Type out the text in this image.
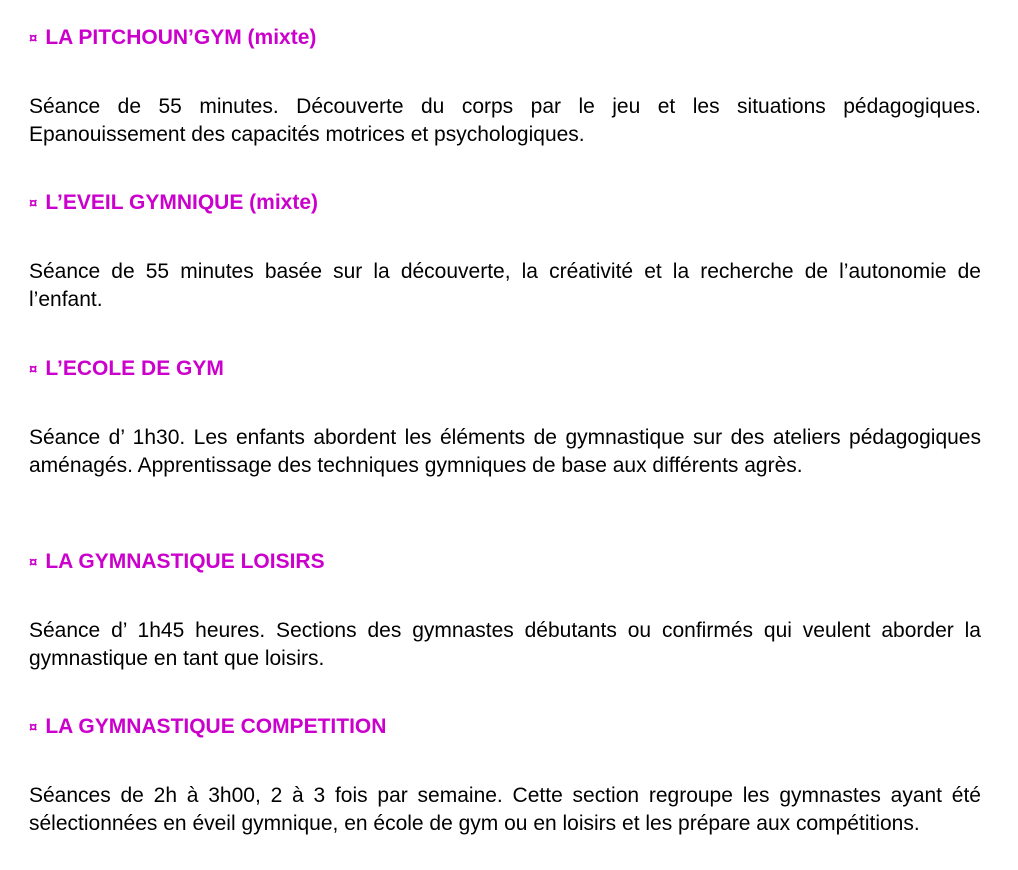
¤ LA PITCHOUN’GYM (mixte)

Séance de 55 minutes. Découverte du corps par le jeu et les situations pédagogiques. Epanouissement des capacités motrices et psychologiques.

¤ L’EVEIL GYMNIQUE (mixte)

Séance de 55 minutes basée sur la découverte, la créativité et la recherche de l’autonomie de l’enfant.

¤ L’ECOLE DE GYM

Séance d’ 1h30. Les enfants abordent les éléments de gymnastique sur des ateliers pédagogiques aménagés. Apprentissage des techniques gymniques de base aux différents agrès.

¤ LA GYMNASTIQUE LOISIRS

Séance d’ 1h45 heures. Sections des gymnastes débutants ou confirmés qui veulent aborder la gymnastique en tant que loisirs.

¤ LA GYMNASTIQUE COMPETITION

Séances de 2h à 3h00, 2 à 3 fois par semaine. Cette section regroupe les gymnastes ayant été sélectionnées en éveil gymnique, en école de gym ou en loisirs et les prépare aux compétitions.
